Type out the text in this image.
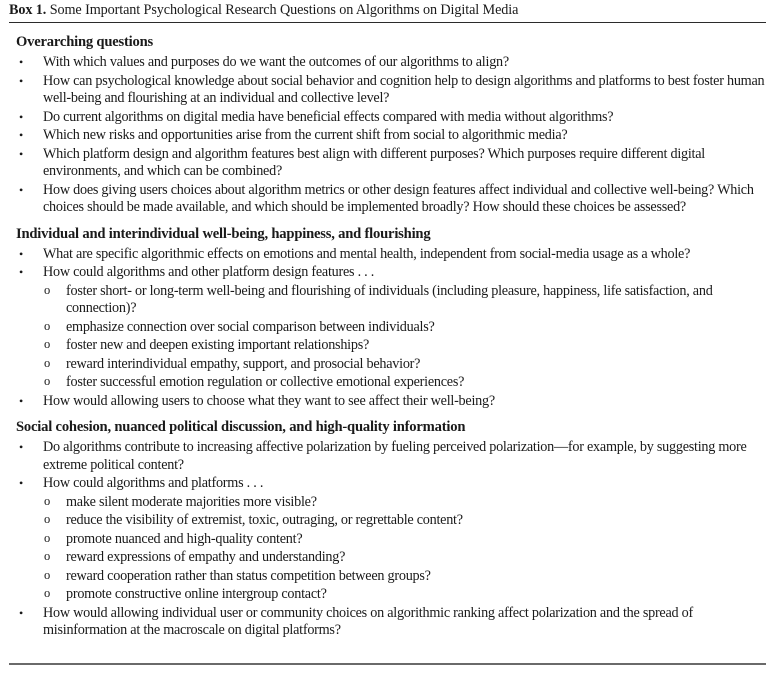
Box 1. Some Important Psychological Research Questions on Algorithms on Digital Media
Overarching questions
• With which values and purposes do we want the outcomes of our algorithms to align?
• How can psychological knowledge about social behavior and cognition help to design algorithms and platforms to best foster human well-being and flourishing at an individual and collective level?
• Do current algorithms on digital media have beneficial effects compared with media without algorithms?
• Which new risks and opportunities arise from the current shift from social to algorithmic media?
• Which platform design and algorithm features best align with different purposes? Which purposes require different digital environments, and which can be combined?
• How does giving users choices about algorithm metrics or other design features affect individual and collective well-being? Which choices should be made available, and which should be implemented broadly? How should these choices be assessed?
Individual and interindividual well-being, happiness, and flourishing
• What are specific algorithmic effects on emotions and mental health, independent from social-media usage as a whole?
• How could algorithms and other platform design features . . .
o foster short- or long-term well-being and flourishing of individuals (including pleasure, happiness, life satisfaction, and connection)?
o emphasize connection over social comparison between individuals?
o foster new and deepen existing important relationships?
o reward interindividual empathy, support, and prosocial behavior?
o foster successful emotion regulation or collective emotional experiences?
• How would allowing users to choose what they want to see affect their well-being?
Social cohesion, nuanced political discussion, and high-quality information
• Do algorithms contribute to increasing affective polarization by fueling perceived polarization—for example, by suggesting more extreme political content?
• How could algorithms and platforms . . .
o make silent moderate majorities more visible?
o reduce the visibility of extremist, toxic, outraging, or regrettable content?
o promote nuanced and high-quality content?
o reward expressions of empathy and understanding?
o reward cooperation rather than status competition between groups?
o promote constructive online intergroup contact?
• How would allowing individual user or community choices on algorithmic ranking affect polarization and the spread of misinformation at the macroscale on digital platforms?
